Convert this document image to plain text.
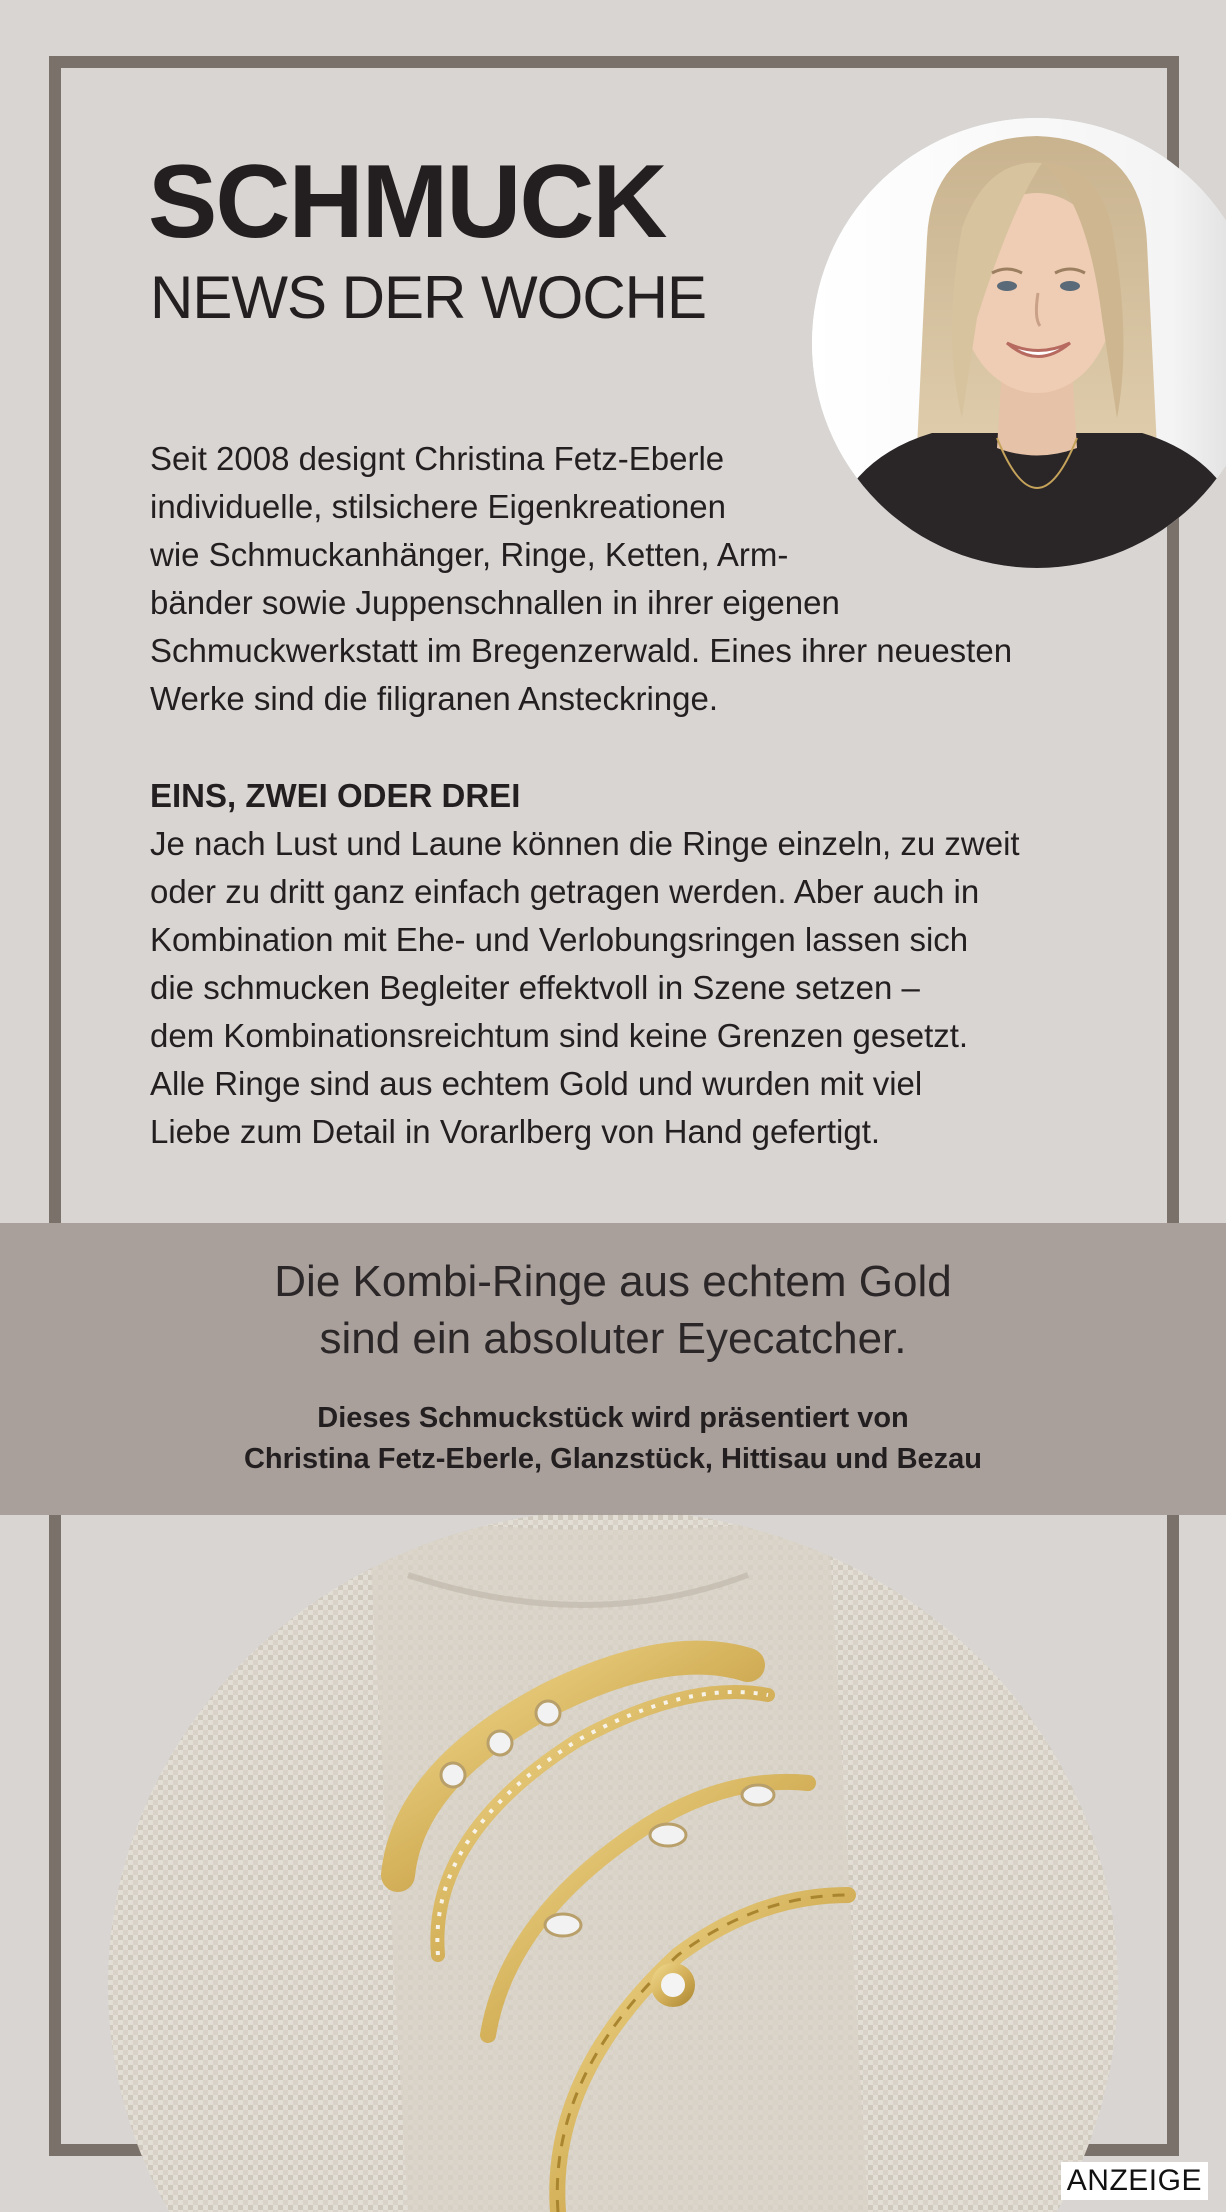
SCHMUCK
NEWS DER WOCHE

Seit 2008 designt Christina Fetz-Eberle
individuelle, stilsichere Eigenkreationen
wie Schmuckanhänger, Ringe, Ketten, Arm-
bänder sowie Juppenschnallen in ihrer eigenen
Schmuckwerkstatt im Bregenzerwald. Eines ihrer neuesten
Werke sind die filigranen Ansteckringe.

EINS, ZWEI ODER DREI

Je nach Lust und Laune können die Ringe einzeln, zu zweit
oder zu dritt ganz einfach getragen werden. Aber auch in
Kombination mit Ehe- und Verlobungsringen lassen sich
die schmucken Begleiter effektvoll in Szene setzen –
dem Kombinationsreichtum sind keine Grenzen gesetzt.
Alle Ringe sind aus echtem Gold und wurden mit viel
Liebe zum Detail in Vorarlberg von Hand gefertigt.

Die Kombi-Ringe aus echtem Gold
sind ein absoluter Eyecatcher.

Dieses Schmuckstück wird präsentiert von
Christina Fetz-Eberle, Glanzstück, Hittisau und Bezau

ANZEIGE
